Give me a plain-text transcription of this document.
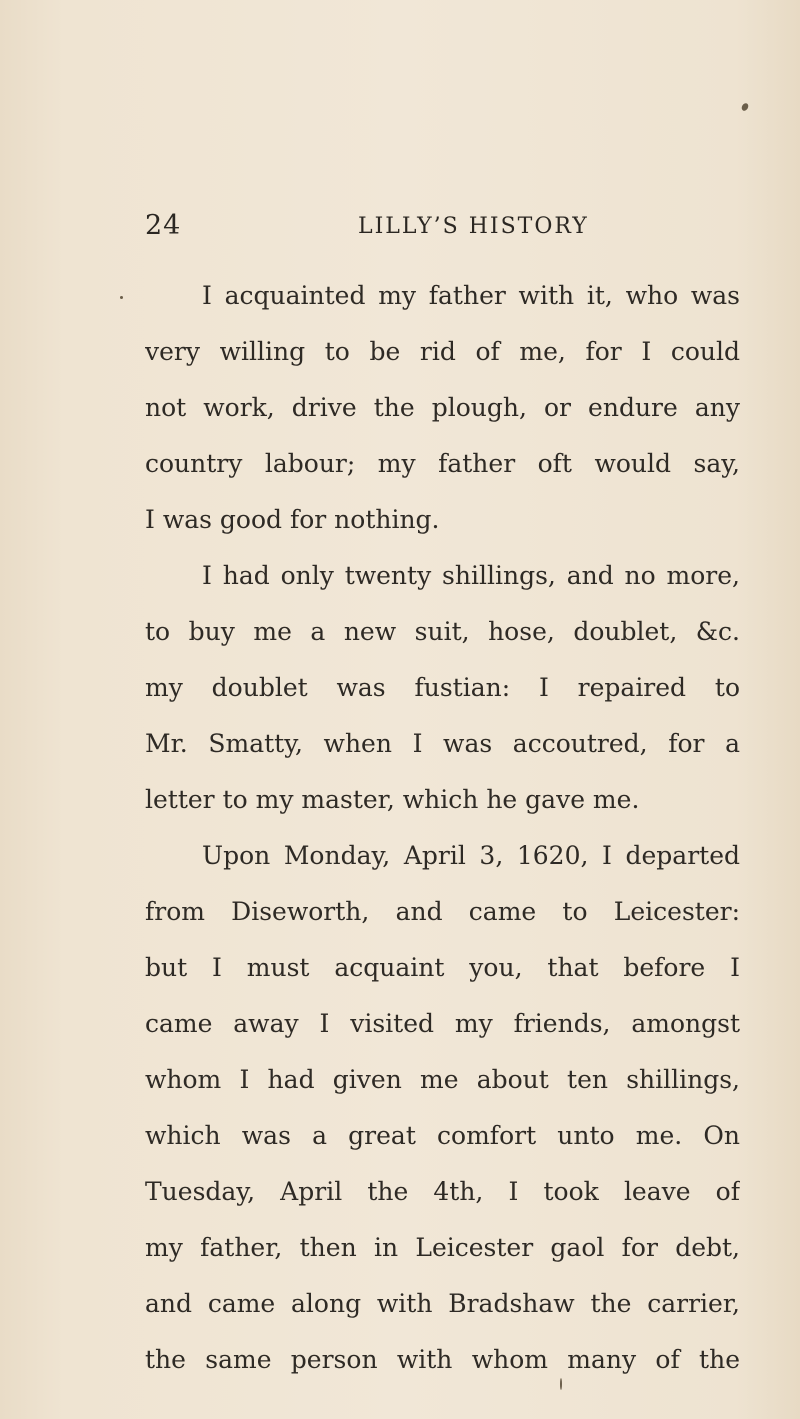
24	LILLY’S HISTORY
I acquainted my father with it, who was
very willing to be rid of me, for I could
not work, drive the plough, or endure any
country labour; my father oft would say,
I was good for nothing.
I had only twenty shillings, and no more,
to buy me a new suit, hose, doublet, &c.
my doublet was fustian: I repaired to
Mr. Smatty, when I was accoutred, for a
letter to my master, which he gave me.
Upon Monday, April 3, 1620, I departed
from Diseworth, and came to Leicester:
but I must acquaint you, that before I
came away I visited my friends, amongst
whom I had given me about ten shillings,
which was a great comfort unto me. On
Tuesday, April the 4th, I took leave of
my father, then in Leicester gaol for debt,
and came along with Bradshaw the carrier,
the same person with whom many of the
